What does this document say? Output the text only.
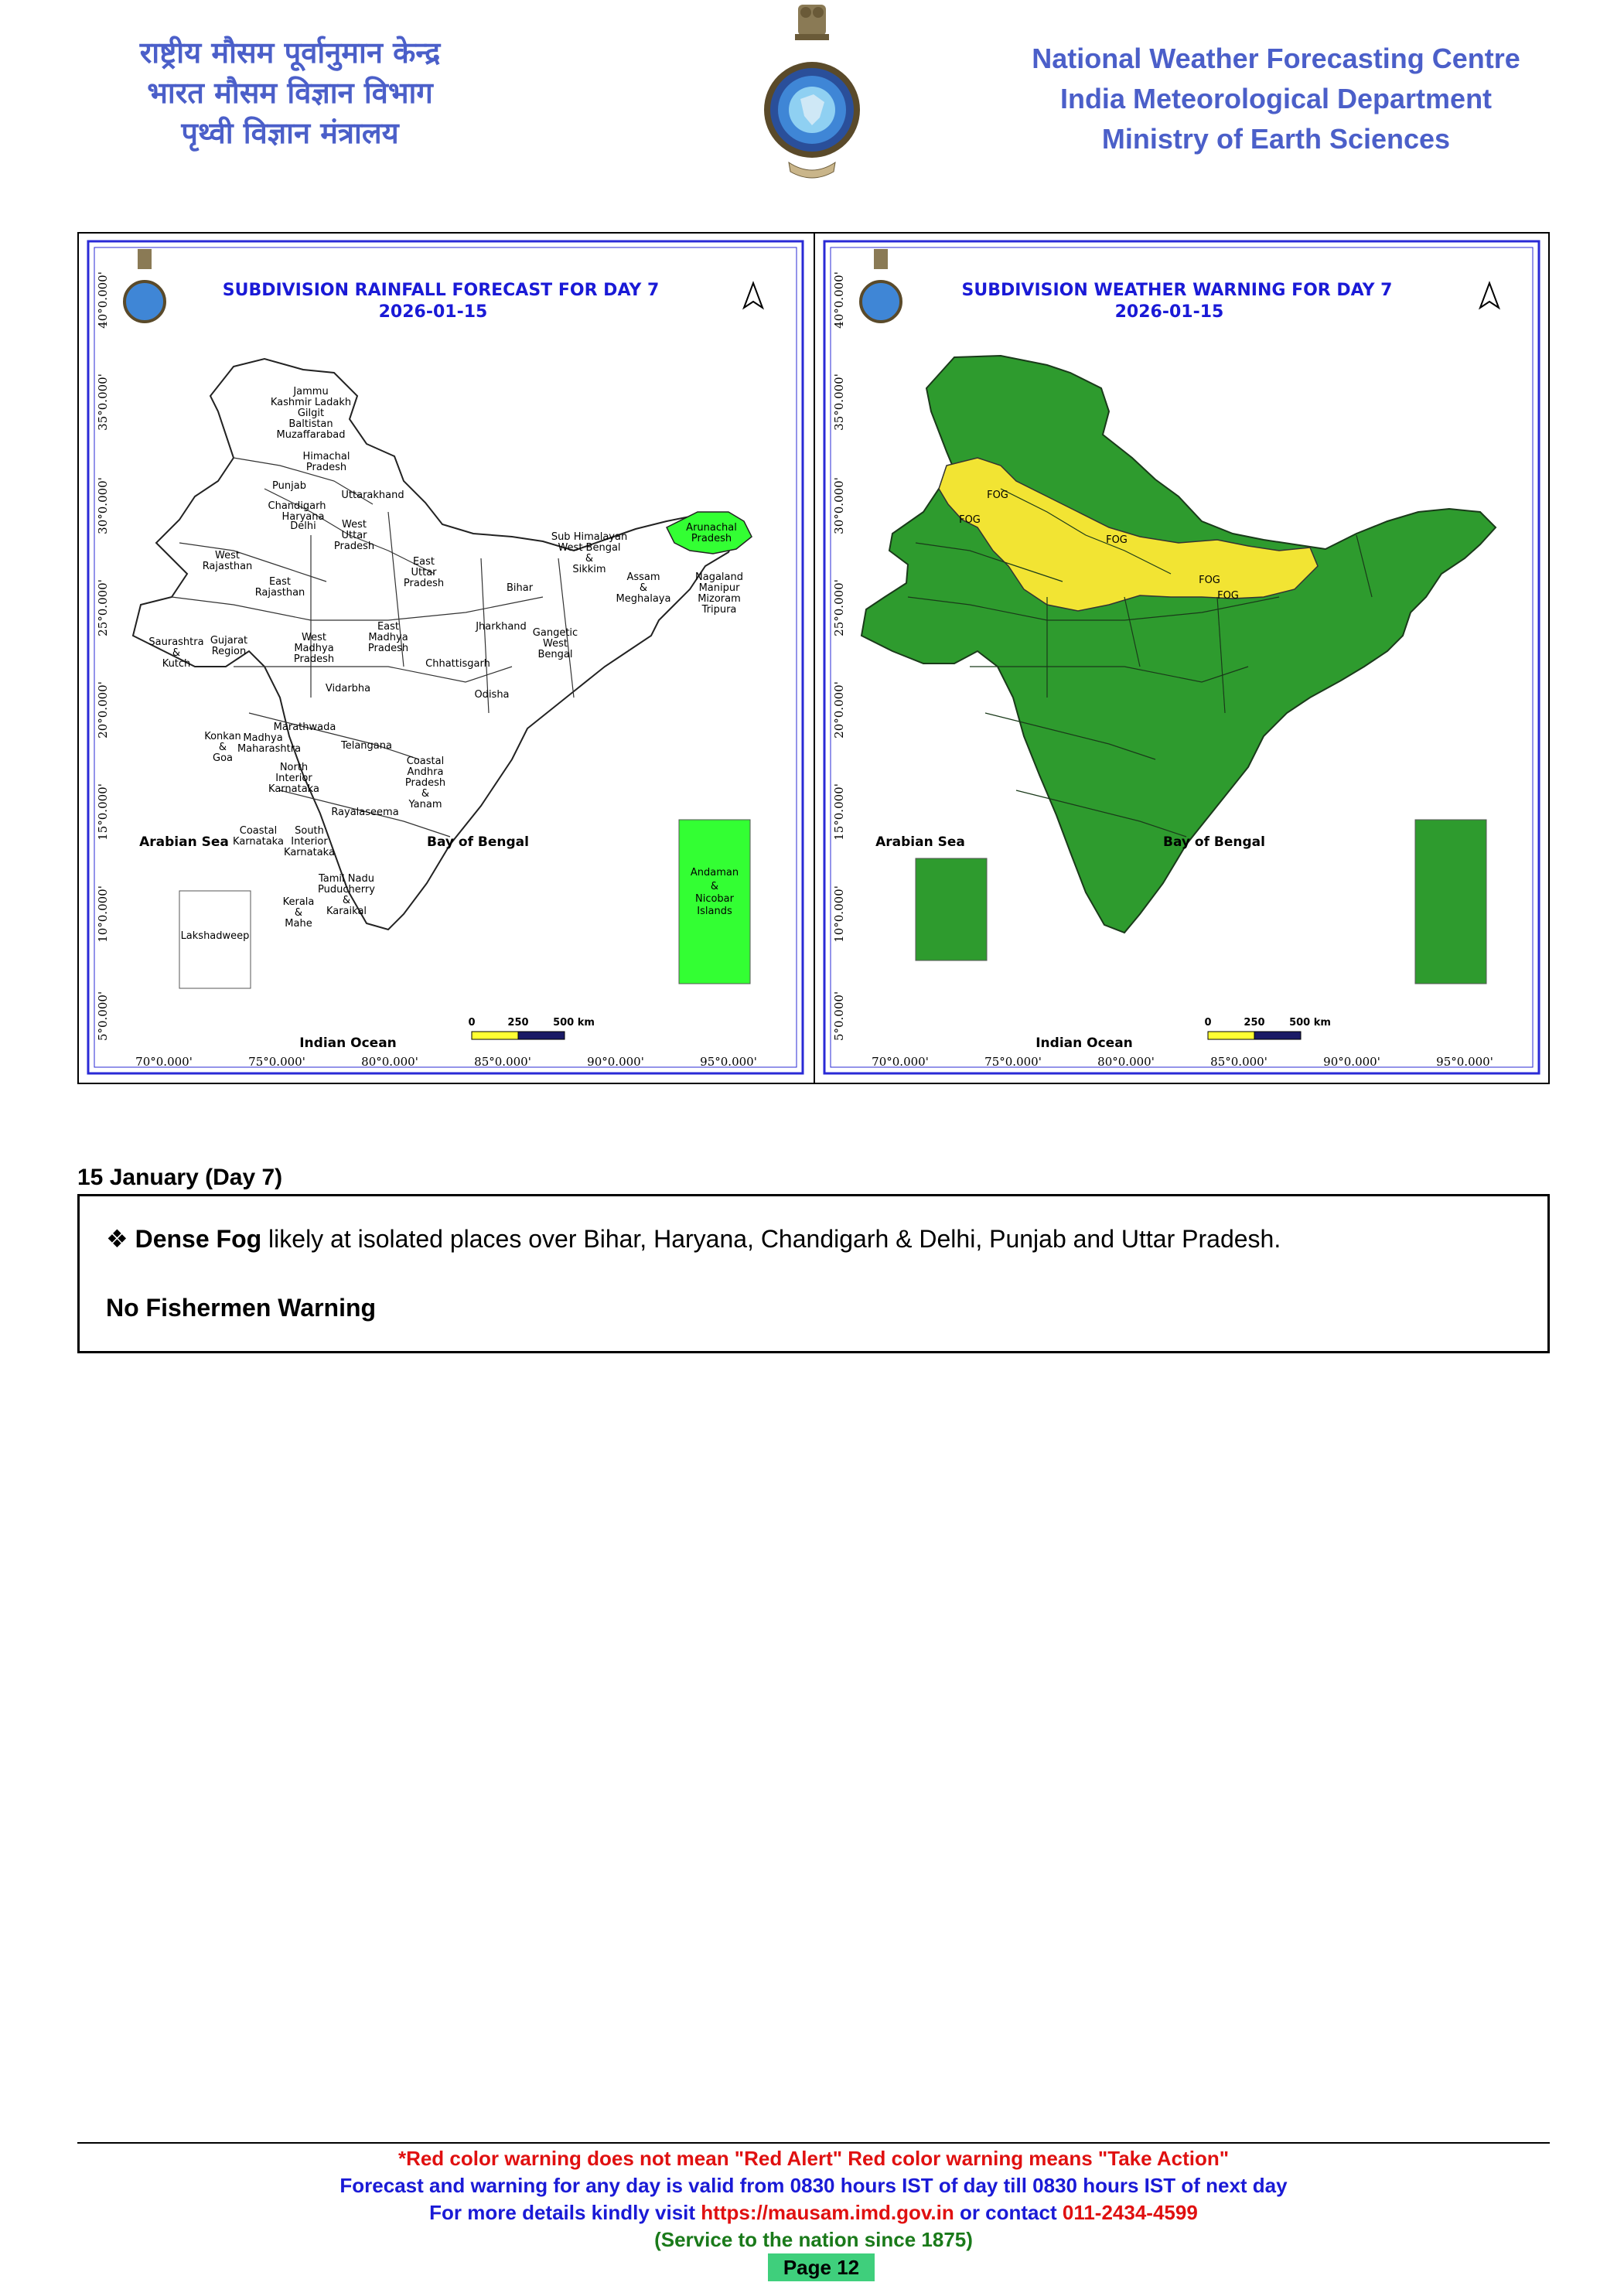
राष्ट्रीय मौसम पूर्वानुमान केन्द्र
भारत मौसम विज्ञान विभाग
पृथ्वी विज्ञान मंत्रालय
National Weather Forecasting Centre
India Meteorological Department
Ministry of Earth Sciences
SUBDIVISION RAINFALL FORECAST FOR DAY 7
2026-01-15
Lakshadweep
Andaman
&
Nicobar
Islands
Jammu
Kashmir Ladakh
Gilgit
Baltistan
Muzaffarabad
Himachal
Pradesh
Punjab
Uttarakhand
Chandigarh
Haryana
Delhi	West
Uttar
Pradesh
West
Rajasthan
East
Rajasthan
East
Uttar
Pradesh	Bihar
Sub Himalayan
West Bengal
&
Sikkim
Arunachal
Pradesh
Assam
&
Meghalaya
Nagaland
Manipur
Mizoram
Tripura
Saurashtra
&
Kutch
Gujarat
Region
West
Madhya
Pradesh
East
Madhya
Pradesh
Jharkhand
Gangetic
West
Bengal
Chhattisgarh
Vidarbha
Odisha
Marathwada
Konkan
&
Goa
Madhya
Maharashtra	Telangana
North
Interior
Karnataka
Coastal
Andhra
Pradesh
&
Yanam
Rayalaseema
Coastal
Karnataka
South
Interior
Karnataka
Tamil Nadu
Puducherry
&
Karaikal
Kerala
&
Mahe
Arabian Sea	Bay of Bengal
Indian Ocean
0	250 500 km
70°0.000'	75°0.000'	80°0.000'	85°0.000'	90°0.000'	95°0.000'
40°0.000'
35°0.000'
30°0.000'
25°0.000'
20°0.000'
15°0.000'
10°0.000'
5°0.000'
SUBDIVISION WEATHER WARNING FOR DAY 7
2026-01-15
FOG
FOG
FOG
FOG
FOG
Arabian Sea	Bay of Bengal
Indian Ocean
0	250 500 km
70°0.000'	75°0.000'	80°0.000'	85°0.000'	90°0.000'	95°0.000'
40°0.000'
35°0.000'
30°0.000'
25°0.000'
20°0.000'
15°0.000'
10°0.000'
5°0.000'
15 January (Day 7)
❖ Dense Fog likely at isolated places over Bihar, Haryana, Chandigarh & Delhi, Punjab and Uttar Pradesh.
No Fishermen Warning
*Red color warning does not mean "Red Alert" Red color warning means "Take Action"
Forecast and warning for any day is valid from 0830 hours IST of day till 0830 hours IST of next day
For more details kindly visit https://mausam.imd.gov.in or contact 011-2434-4599
(Service to the nation since 1875)
Page 12
